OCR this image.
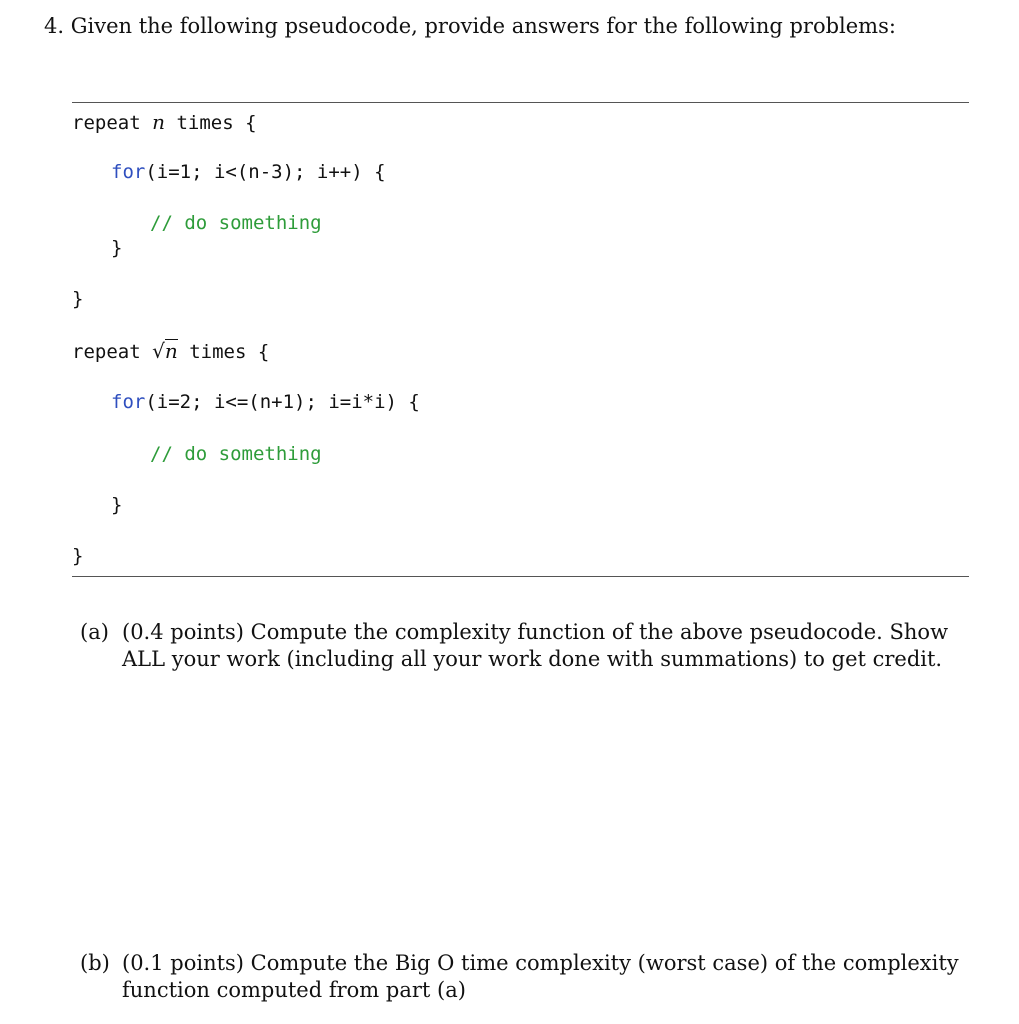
4. Given the following pseudocode, provide answers for the following problems:
repeat n times {
for(i=1; i<(n-3); i++) {
// do something
}
}
repeat √n times {
for(i=2; i<=(n+1); i=i*i) {
// do something
}
}
(a) (0.4 points) Compute the complexity function of the above pseudocode. Show ALL your work (including all your work done with summations) to get credit.
(b) (0.1 points) Compute the Big O time complexity (worst case) of the complexity function computed from part (a)
